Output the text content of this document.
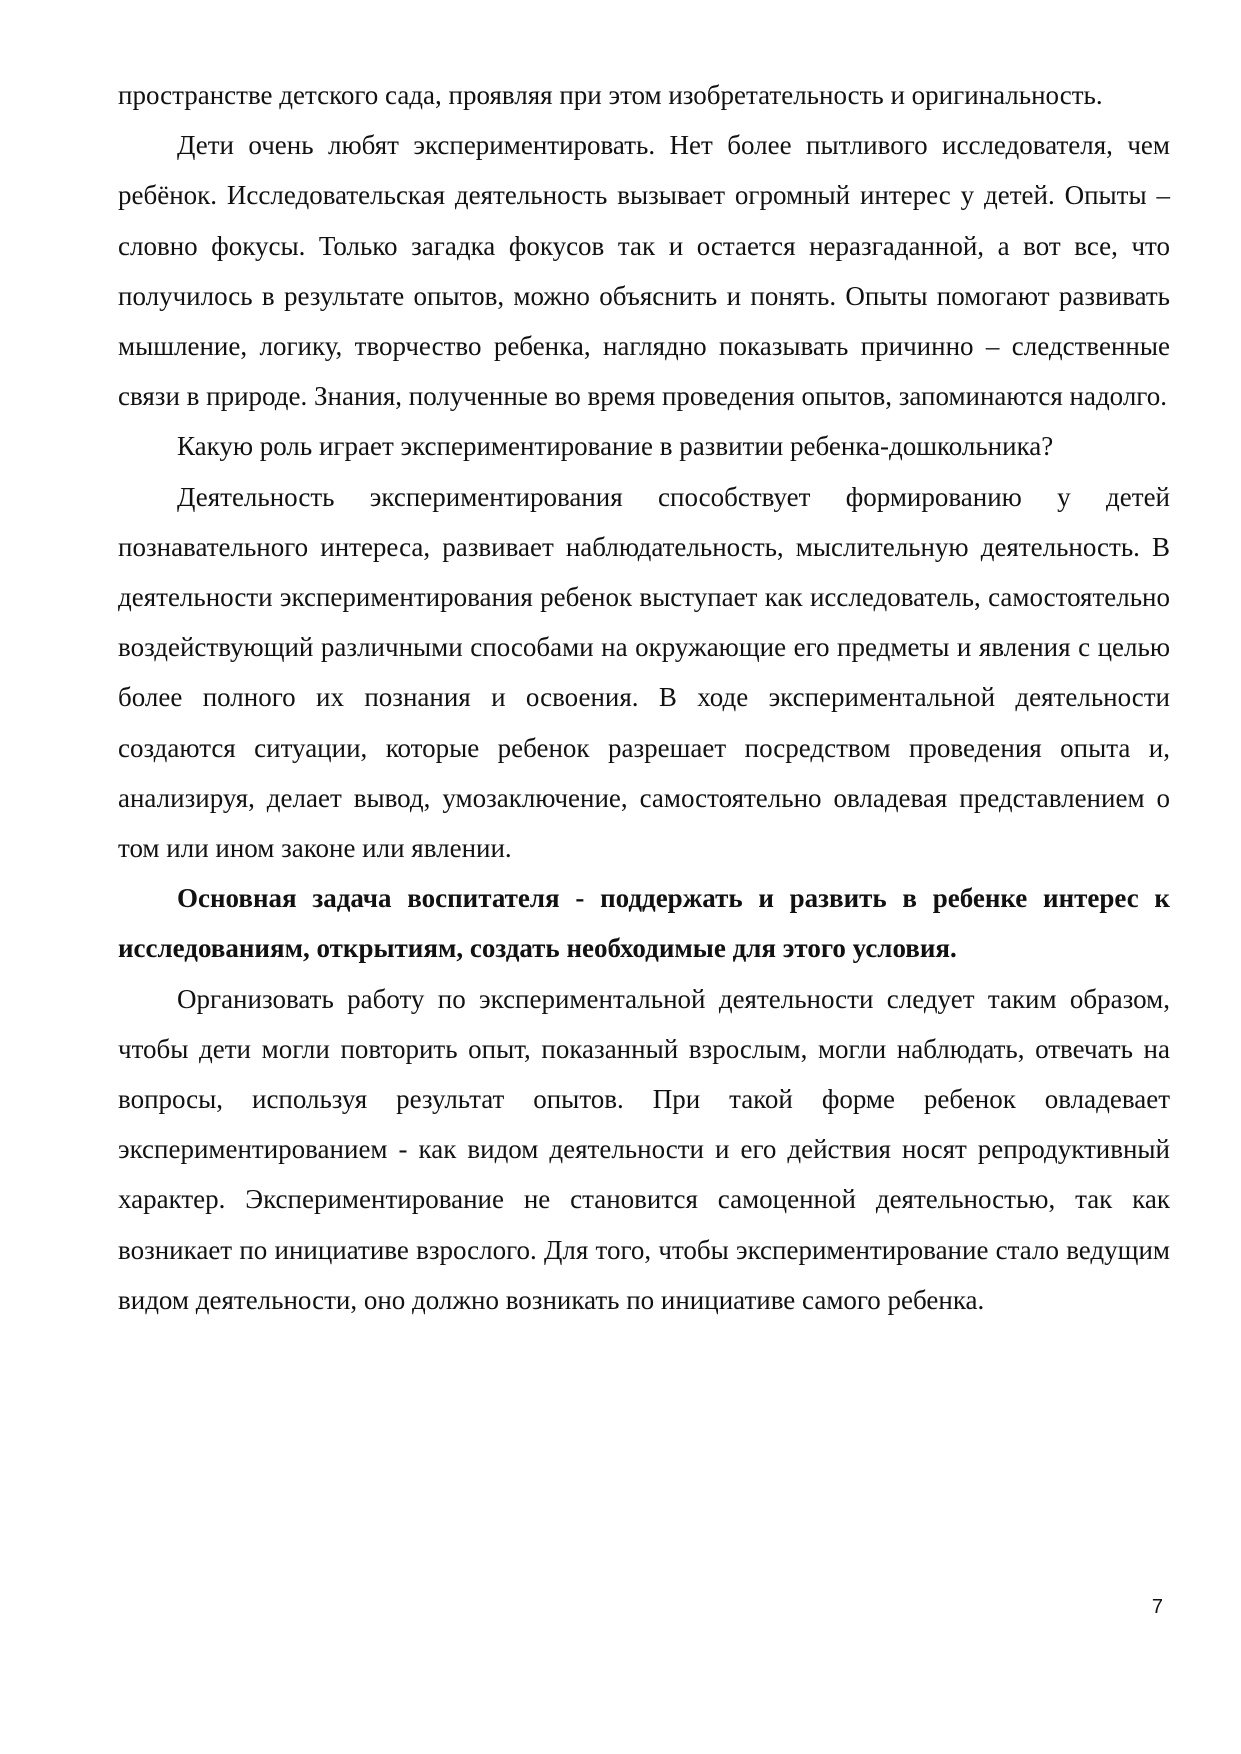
пространстве детского сада, проявляя при этом изобретательность и оригинальность.

Дети очень любят экспериментировать. Нет более пытливого исследователя, чем ребёнок. Исследовательская деятельность вызывает огромный интерес у детей. Опыты – словно фокусы. Только загадка фокусов так и остается неразгаданной, а вот все, что получилось в результате опытов, можно объяснить и понять. Опыты помогают развивать мышление, логику, творчество ребенка, наглядно показывать причинно – следственные связи в природе. Знания, полученные во время проведения опытов, запоминаются надолго.

Какую роль играет экспериментирование в развитии ребенка-дошкольника?

Деятельность экспериментирования способствует формированию у детей познавательного интереса, развивает наблюдательность, мыслительную деятельность. В деятельности экспериментирования ребенок выступает как исследователь, самостоятельно воздействующий различными способами на окружающие его предметы и явления с целью более полного их познания и освоения. В ходе экспериментальной деятельности создаются ситуации, которые ребенок разрешает посредством проведения опыта и, анализируя, делает вывод, умозаключение, самостоятельно овладевая представлением о том или ином законе или явлении.

Основная задача воспитателя - поддержать и развить в ребенке интерес к исследованиям, открытиям, создать необходимые для этого условия.

Организовать работу по экспериментальной деятельности следует таким образом, чтобы дети могли повторить опыт, показанный взрослым, могли наблюдать, отвечать на вопросы, используя результат опытов. При такой форме ребенок овладевает экспериментированием - как видом деятельности и его действия носят репродуктивный характер. Экспериментирование не становится самоценной деятельностью, так как возникает по инициативе взрослого. Для того, чтобы экспериментирование стало ведущим видом деятельности, оно должно возникать по инициативе самого ребенка.

7
